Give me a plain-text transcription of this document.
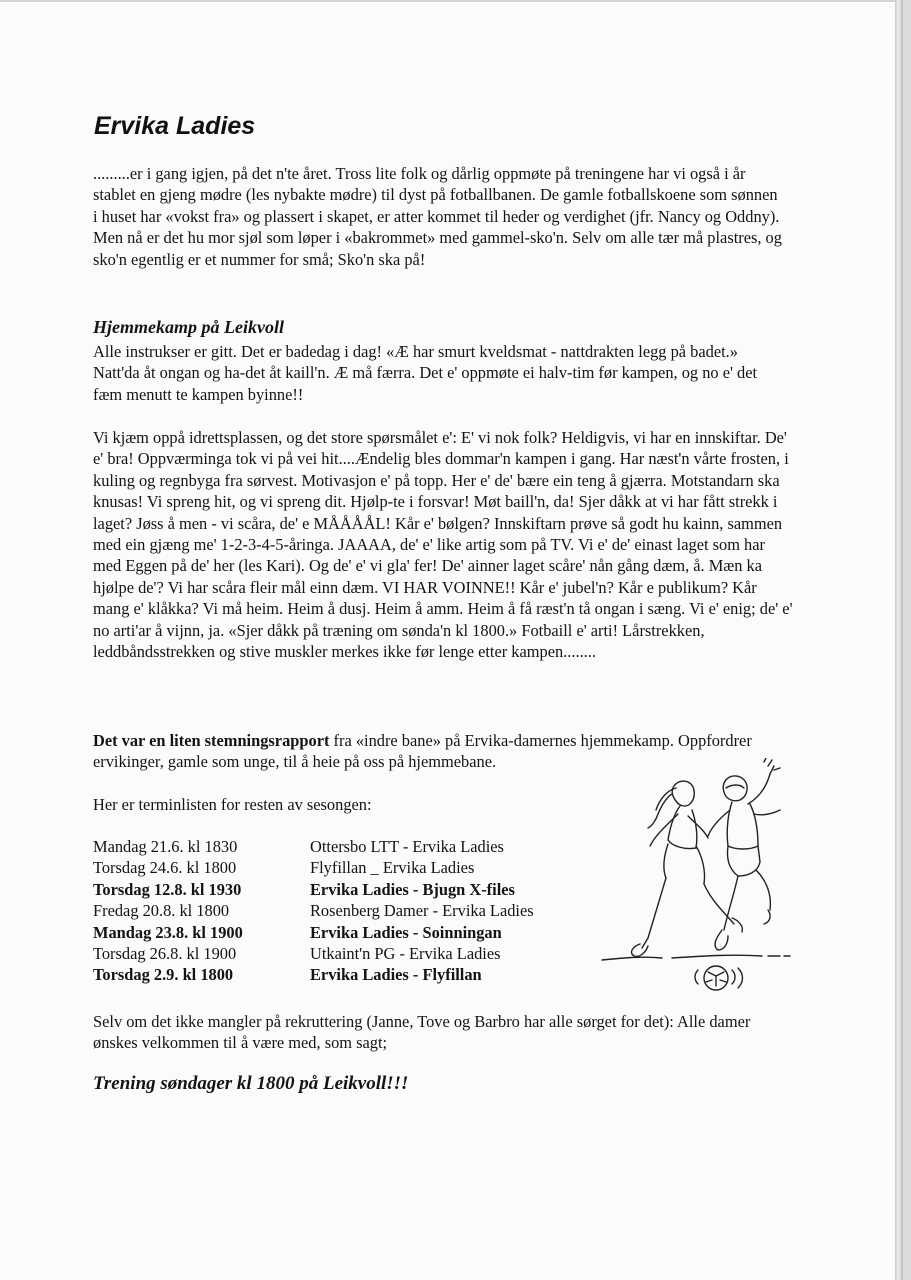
Ervika Ladies

.........er i gang igjen, på det n'te året. Tross lite folk og dårlig oppmøte på treningene har vi også i år stablet en gjeng mødre (les nybakte mødre) til dyst på fotballbanen. De gamle fotballskoene som sønnen i huset har «vokst fra» og plassert i skapet, er atter kommet til heder og verdighet (jfr. Nancy og Oddny). Men nå er det hu mor sjøl som løper i «bakrommet» med gammel-sko'n. Selv om alle tær må plastres, og sko'n egentlig er et nummer for små; Sko'n ska på!

Hjemmekamp på Leikvoll

Alle instrukser er gitt. Det er badedag i dag! «Æ har smurt kveldsmat - nattdrakten legg på badet.» Natt'da åt ongan og ha-det åt kaill'n. Æ må færra. Det e' oppmøte ei halv-tim før kampen, og no e' det fæm menutt te kampen byinne!!

Vi kjæm oppå idrettsplassen, og det store spørsmålet e': E' vi nok folk? Heldigvis, vi har en innskiftar. De' e' bra! Oppværminga tok vi på vei hit....Ændelig bles dommar'n kampen i gang. Har næst'n vårte frosten, i kuling og regnbyga fra sørvest. Motivasjon e' på topp. Her e' de' bære ein teng å gjærra. Motstandarn ska knusas! Vi spreng hit, og vi spreng dit. Hjølp-te i forsvar! Møt baill'n, da! Sjer dåkk at vi har fått strekk i laget? Jøss å men - vi scåra, de' e MÅÅÅÅL! Kår e' bølgen? Innskiftarn prøve så godt hu kainn, sammen med ein gjæng me' 1-2-3-4-5-åringa. JAAAA, de' e' like artig som på TV. Vi e' de' einast laget som har med Eggen på de' her (les Kari). Og de' e' vi gla' fer! De' ainner laget scåre' nån gång dæm, å. Mæn ka hjølpe de'? Vi har scåra fleir mål einn dæm. VI HAR VOINNE!! Kår e' jubel'n? Kår e publikum? Kår mang e' klåkka? Vi må heim. Heim å dusj. Heim å amm. Heim å få ræst'n tå ongan i sæng. Vi e' enig; de' e' no arti'ar å vijnn, ja. «Sjer dåkk på træning om sønda'n kl 1800.» Fotbaill e' arti! Lårstrekken, leddbåndsstrekken og stive muskler merkes ikke før lenge etter kampen........

Det var en liten stemningsrapport fra «indre bane» på Ervika-damernes hjemmekamp. Oppfordrer ervikinger, gamle som unge, til å heie på oss på hjemmebane.

Her er terminlisten for resten av sesongen:

Mandag 21.6. kl 1830	Ottersbo LTT - Ervika Ladies
Torsdag 24.6. kl 1800	Flyfillan _ Ervika Ladies
Torsdag 12.8. kl 1930	Ervika Ladies - Bjugn X-files
Fredag 20.8. kl 1800	Rosenberg Damer - Ervika Ladies
Mandag 23.8. kl 1900	Ervika Ladies - Soinningan
Torsdag 26.8. kl 1900	Utkaint'n PG - Ervika Ladies
Torsdag 2.9. kl 1800	Ervika Ladies - Flyfillan

Selv om det ikke mangler på rekruttering (Janne, Tove og Barbro har alle sørget for det): Alle damer ønskes velkommen til å være med, som sagt;

Trening søndager kl 1800 på Leikvoll!!!
